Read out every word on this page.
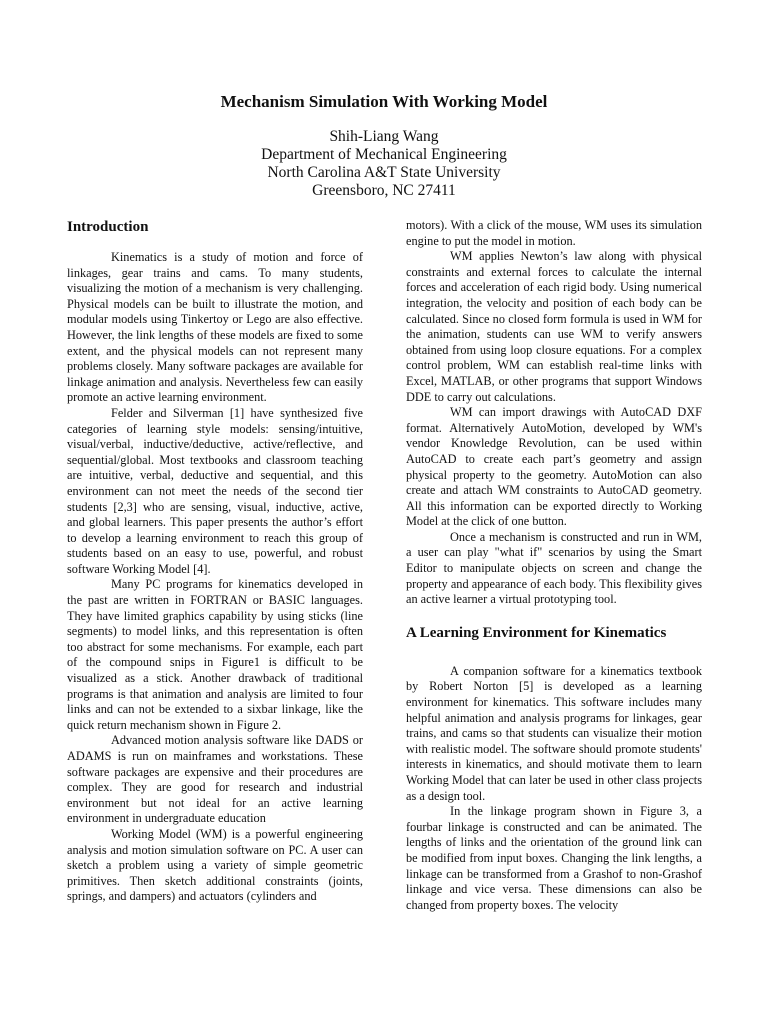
Mechanism Simulation With Working Model
Shih-Liang Wang
Department of Mechanical Engineering
North Carolina A&T State University
Greensboro, NC 27411
Introduction

Kinematics is a study of motion and force of linkages, gear trains and cams. To many students, visualizing the motion of a mechanism is very challenging. Physical models can be built to illustrate the motion, and modular models using Tinkertoy or Lego are also effective. However, the link lengths of these models are fixed to some extent, and the physical models can not represent many problems closely. Many software packages are available for linkage animation and analysis. Nevertheless few can easily promote an active learning environment.

Felder and Silverman [1] have synthesized five categories of learning style models: sensing/intuitive, visual/verbal, inductive/deductive, active/reflective, and sequential/global. Most textbooks and classroom teaching are intuitive, verbal, deductive and sequential, and this environment can not meet the needs of the second tier students [2,3] who are sensing, visual, inductive, active, and global learners. This paper presents the author’s effort to develop a learning environment to reach this group of students based on an easy to use, powerful, and robust software Working Model [4].

Many PC programs for kinematics developed in the past are written in FORTRAN or BASIC languages. They have limited graphics capability by using sticks (line segments) to model links, and this representation is often too abstract for some mechanisms. For example, each part of the compound snips in Figure1 is difficult to be visualized as a stick. Another drawback of traditional programs is that animation and analysis are limited to four links and can not be extended to a sixbar linkage, like the quick return mechanism shown in Figure 2.

Advanced motion analysis software like DADS or ADAMS is run on mainframes and workstations. These software packages are expensive and their procedures are complex. They are good for research and industrial environment but not ideal for an active learning environment in undergraduate education

Working Model (WM) is a powerful engineering analysis and motion simulation software on PC. A user can sketch a problem using a variety of simple geometric primitives. Then sketch additional constraints (joints, springs, and dampers) and actuators (cylinders and

motors). With a click of the mouse, WM uses its simulation engine to put the model in motion.

WM applies Newton’s law along with physical constraints and external forces to calculate the internal forces and acceleration of each rigid body. Using numerical integration, the velocity and position of each body can be calculated. Since no closed form formula is used in WM for the animation, students can use WM to verify answers obtained from using loop closure equations. For a complex control problem, WM can establish real-time links with Excel, MATLAB, or other programs that support Windows DDE to carry out calculations.

WM can import drawings with AutoCAD DXF format. Alternatively AutoMotion, developed by WM's vendor Knowledge Revolution, can be used within AutoCAD to create each part’s geometry and assign physical property to the geometry. AutoMotion can also create and attach WM constraints to AutoCAD geometry. All this information can be exported directly to Working Model at the click of one button.

Once a mechanism is constructed and run in WM, a user can play "what if" scenarios by using the Smart Editor to manipulate objects on screen and change the property and appearance of each body. This flexibility gives an active learner a virtual prototyping tool.

A Learning Environment for Kinematics

A companion software for a kinematics textbook by Robert Norton [5] is developed as a learning environment for kinematics. This software includes many helpful animation and analysis programs for linkages, gear trains, and cams so that students can visualize their motion with realistic model. The software should promote students' interests in kinematics, and should motivate them to learn Working Model that can later be used in other class projects as a design tool.

In the linkage program shown in Figure 3, a fourbar linkage is constructed and can be animated. The lengths of links and the orientation of the ground link can be modified from input boxes. Changing the link lengths, a linkage can be transformed from a Grashof to non-Grashof linkage and vice versa. These dimensions can also be changed from property boxes. The velocity
